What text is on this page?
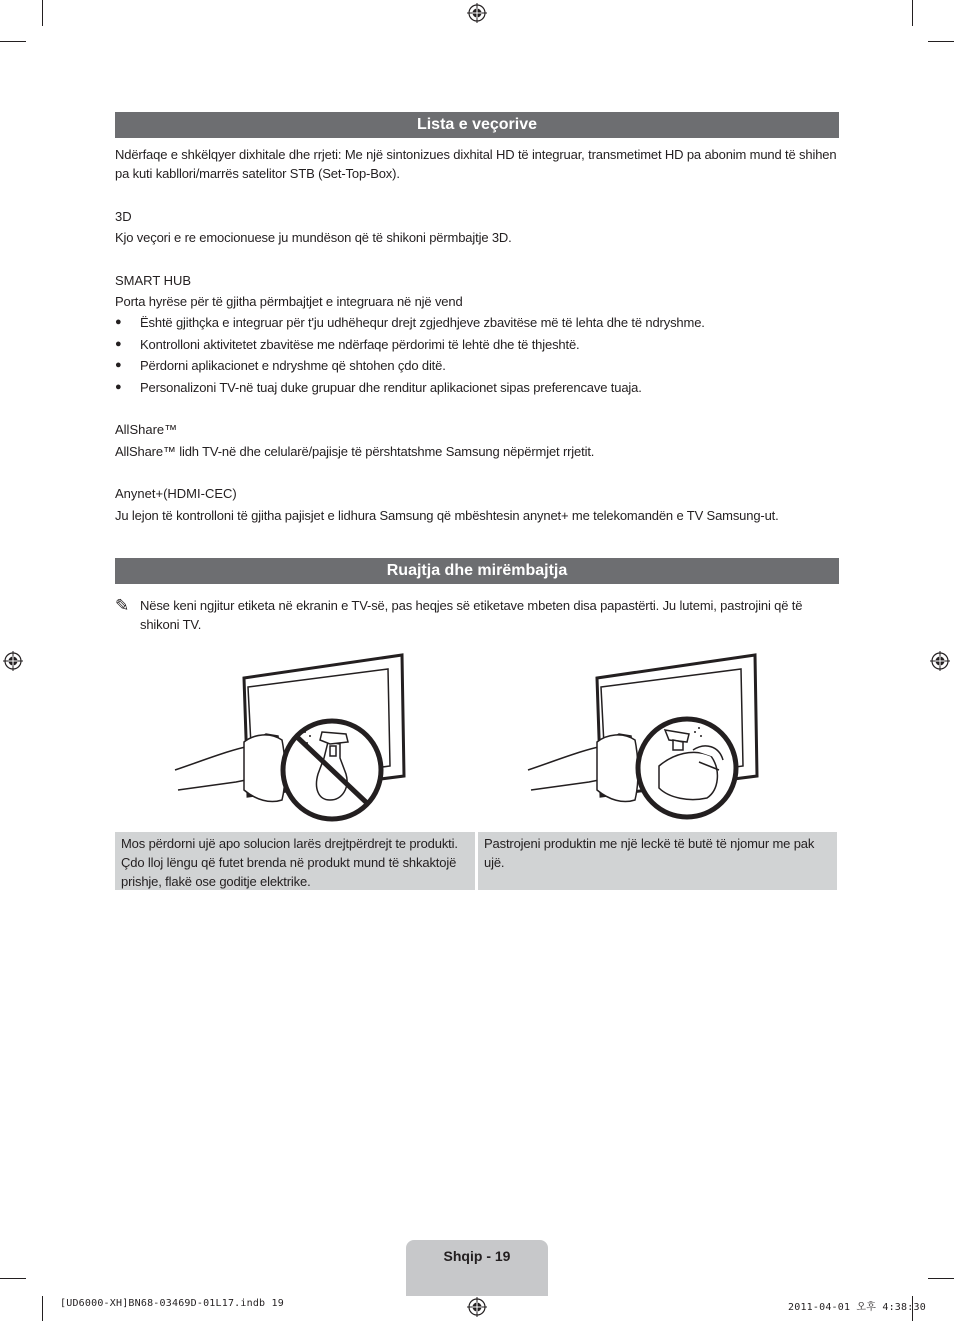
Lista e veçorive
Ndërfaqe e shkëlqyer dixhitale dhe rrjeti: Me një sintonizues dixhital HD të integruar, transmetimet HD pa abonim mund të shihen pa kuti kabllori/marrës satelitor STB (Set-Top-Box).
3D
Kjo veçori e re emocionuese ju mundëson që të shikoni përmbajtje 3D.
SMART HUB
Porta hyrëse për të gjitha përmbajtjet e integruara në një vend
● Është gjithçka e integruar për t'ju udhëhequr drejt zgjedhjeve zbavitëse më të lehta dhe të ndryshme.
● Kontrolloni aktivitetet zbavitëse me ndërfaqe përdorimi të lehtë dhe të thjeshtë.
● Përdorni aplikacionet e ndryshme që shtohen çdo ditë.
● Personalizoni TV-në tuaj duke grupuar dhe renditur aplikacionet sipas preferencave tuaja.
AllShare™
AllShare™ lidh TV-në dhe celularë/pajisje të përshtatshme Samsung nëpërmjet rrjetit.
Anynet+(HDMI-CEC)
Ju lejon të kontrolloni të gjitha pajisjet e lidhura Samsung që mbështesin anynet+ me telekomandën e TV Samsung-ut.
Ruajtja dhe mirëmbajtja
✎ Nëse keni ngjitur etiketa në ekranin e TV-së, pas heqjes së etiketave mbeten disa papastërti. Ju lutemi, pastrojini që të shikoni TV.
Mos përdorni ujë apo solucion larës drejtpërdrejt te produkti. Çdo lloj lëngu që futet brenda në produkt mund të shkaktojë prishje, flakë ose goditje elektrike.
Pastrojeni produktin me një leckë të butë të njomur me pak ujë.
Shqip - 19
[UD6000-XH]BN68-03469D-01L17.indb 19	2011-04-01 오후 4:38:30
